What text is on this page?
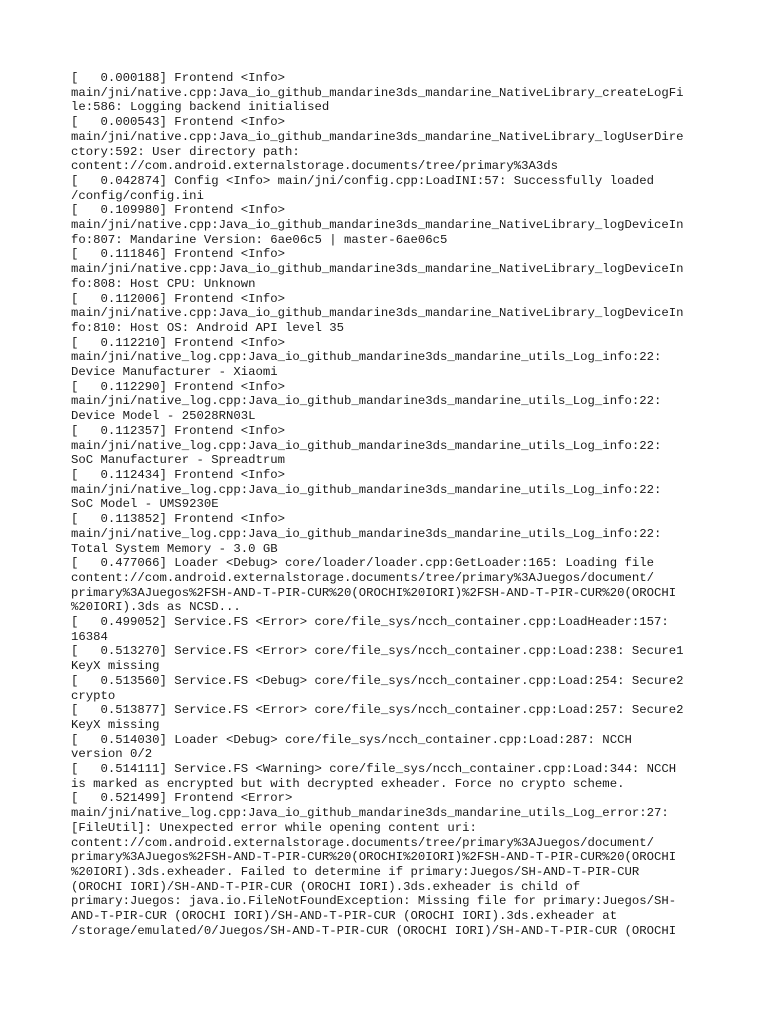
[   0.000188] Frontend <Info>
main/jni/native.cpp:Java_io_github_mandarine3ds_mandarine_NativeLibrary_createLogFi
le:586: Logging backend initialised
[   0.000543] Frontend <Info>
main/jni/native.cpp:Java_io_github_mandarine3ds_mandarine_NativeLibrary_logUserDire
ctory:592: User directory path:
content://com.android.externalstorage.documents/tree/primary%3A3ds
[   0.042874] Config <Info> main/jni/config.cpp:LoadINI:57: Successfully loaded
/config/config.ini
[   0.109980] Frontend <Info>
main/jni/native.cpp:Java_io_github_mandarine3ds_mandarine_NativeLibrary_logDeviceIn
fo:807: Mandarine Version: 6ae06c5 | master-6ae06c5
[   0.111846] Frontend <Info>
main/jni/native.cpp:Java_io_github_mandarine3ds_mandarine_NativeLibrary_logDeviceIn
fo:808: Host CPU: Unknown
[   0.112006] Frontend <Info>
main/jni/native.cpp:Java_io_github_mandarine3ds_mandarine_NativeLibrary_logDeviceIn
fo:810: Host OS: Android API level 35
[   0.112210] Frontend <Info>
main/jni/native_log.cpp:Java_io_github_mandarine3ds_mandarine_utils_Log_info:22:
Device Manufacturer - Xiaomi
[   0.112290] Frontend <Info>
main/jni/native_log.cpp:Java_io_github_mandarine3ds_mandarine_utils_Log_info:22:
Device Model - 25028RN03L
[   0.112357] Frontend <Info>
main/jni/native_log.cpp:Java_io_github_mandarine3ds_mandarine_utils_Log_info:22:
SoC Manufacturer - Spreadtrum
[   0.112434] Frontend <Info>
main/jni/native_log.cpp:Java_io_github_mandarine3ds_mandarine_utils_Log_info:22:
SoC Model - UMS9230E
[   0.113852] Frontend <Info>
main/jni/native_log.cpp:Java_io_github_mandarine3ds_mandarine_utils_Log_info:22:
Total System Memory - 3.0 GB
[   0.477066] Loader <Debug> core/loader/loader.cpp:GetLoader:165: Loading file
content://com.android.externalstorage.documents/tree/primary%3AJuegos/document/
primary%3AJuegos%2FSH-AND-T-PIR-CUR%20(OROCHI%20IORI)%2FSH-AND-T-PIR-CUR%20(OROCHI
%20IORI).3ds as NCSD...
[   0.499052] Service.FS <Error> core/file_sys/ncch_container.cpp:LoadHeader:157:
16384
[   0.513270] Service.FS <Error> core/file_sys/ncch_container.cpp:Load:238: Secure1
KeyX missing
[   0.513560] Service.FS <Debug> core/file_sys/ncch_container.cpp:Load:254: Secure2
crypto
[   0.513877] Service.FS <Error> core/file_sys/ncch_container.cpp:Load:257: Secure2
KeyX missing
[   0.514030] Loader <Debug> core/file_sys/ncch_container.cpp:Load:287: NCCH
version 0/2
[   0.514111] Service.FS <Warning> core/file_sys/ncch_container.cpp:Load:344: NCCH
is marked as encrypted but with decrypted exheader. Force no crypto scheme.
[   0.521499] Frontend <Error>
main/jni/native_log.cpp:Java_io_github_mandarine3ds_mandarine_utils_Log_error:27:
[FileUtil]: Unexpected error while opening content uri:
content://com.android.externalstorage.documents/tree/primary%3AJuegos/document/
primary%3AJuegos%2FSH-AND-T-PIR-CUR%20(OROCHI%20IORI)%2FSH-AND-T-PIR-CUR%20(OROCHI
%20IORI).3ds.exheader. Failed to determine if primary:Juegos/SH-AND-T-PIR-CUR
(OROCHI IORI)/SH-AND-T-PIR-CUR (OROCHI IORI).3ds.exheader is child of
primary:Juegos: java.io.FileNotFoundException: Missing file for primary:Juegos/SH-
AND-T-PIR-CUR (OROCHI IORI)/SH-AND-T-PIR-CUR (OROCHI IORI).3ds.exheader at
/storage/emulated/0/Juegos/SH-AND-T-PIR-CUR (OROCHI IORI)/SH-AND-T-PIR-CUR (OROCHI
